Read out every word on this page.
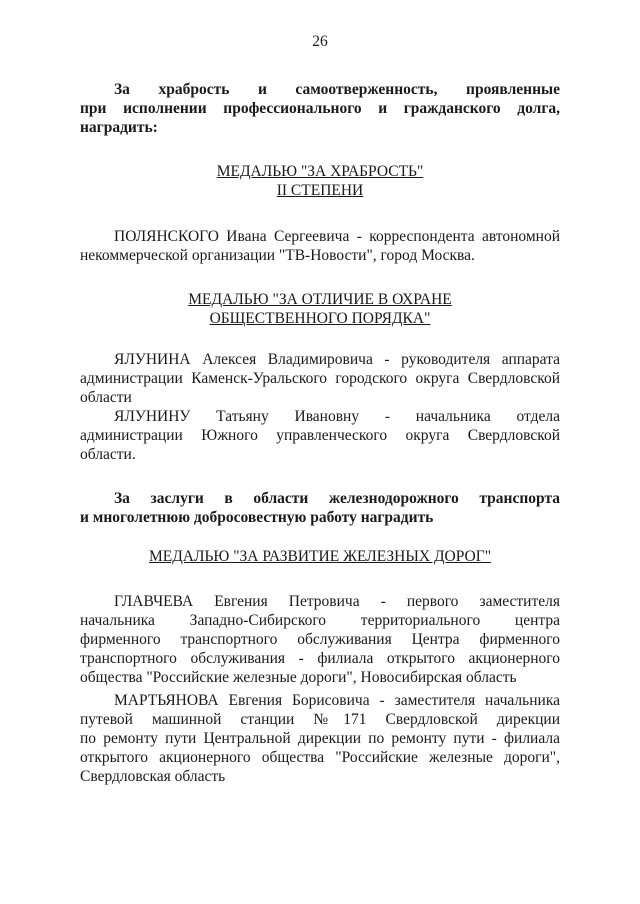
26

За храбрость и самоотверженность, проявленные

при исполнении профессионального и гражданского долга,
наградить:

МЕДАЛЬЮ "ЗА ХРАБРОСТЬ"
II СТЕПЕНИ

ПОЛЯНСКОГО Ивана Сергеевича - корреспондента автономной
некоммерческой организации "ТВ-Новости", город Москва.

МЕДАЛЬЮ "ЗА ОТЛИЧИЕ В ОХРАНЕ
ОБЩЕСТВЕННОГО ПОРЯДКА"

ЯЛУНИНА Алексея Владимировича - руководителя аппарата
администрации Каменск-Уральского городского округа Свердловской
области

ЯЛУНИНУ Татьяну Ивановну - начальника отдела
администрации Южного управленческого округа Свердловской
области.

За заслуги в области железнодорожного транспорта
и многолетнюю добросовестную работу наградить

МЕДАЛЬЮ "ЗА РАЗВИТИЕ ЖЕЛЕЗНЫХ ДОРОГ"

ГЛАВЧЕВА Евгения Петровича - первого заместителя
начальника Западно-Сибирского территориального центра
фирменного транспортного обслуживания Центра фирменного
транспортного обслуживания - филиала открытого акционерного
общества "Российские железные дороги", Новосибирская область

МАРТЬЯНОВА Евгения Борисовича - заместителя начальника
путевой машинной станции №171 Свердловской дирекции
по ремонту пути Центральной дирекции по ремонту пути - филиала
открытого акционерного общества "Российские железные дороги",
Свердловская область
